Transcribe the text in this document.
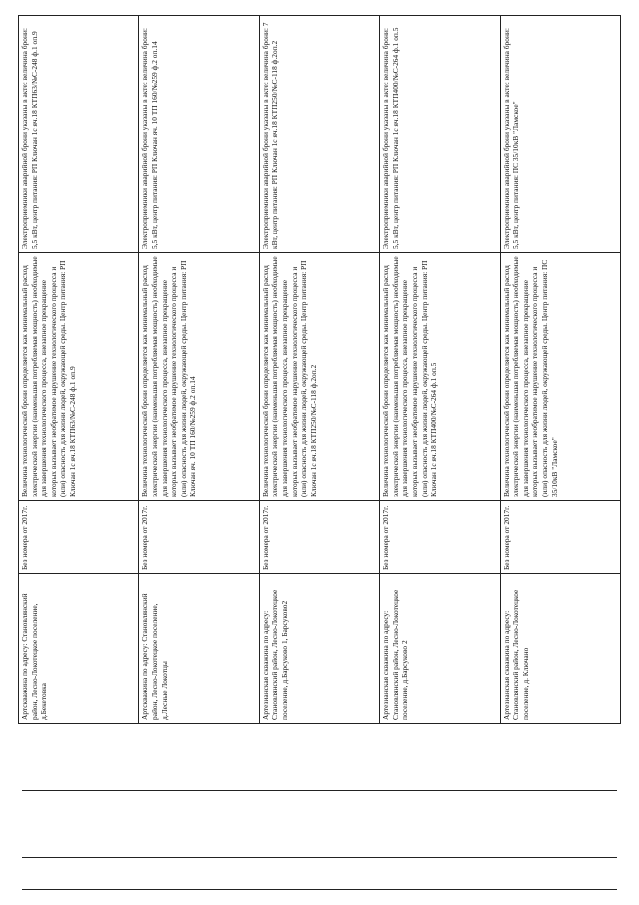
Артскважина по адресу: Становлянский район, Лесно-Локотецкое поселение, д.Бекетовка	Без номера от 2017г.	Величина технологической брони определяется как минимальный расход электрической энергии (наименьшая потребляемая мощность) необходимые для завершения технологического процесса, внезапное прекращение которых вызывает необратимое нарушение технологического процесса и (или) опасность для жизни людей, окружающей среды. Центр питания: РП Ключан 1с яч.18 КТП63/№С-248 ф.1 оп.9	Электроприемники аварийной брони указаны в акте: величина брони: 5,5 кВт, центр питания: РП Ключан 1с яч.18 КТП63/№С-248 ф.1 оп.9
Артскважина по адресу: Становлянский район, Лесно-Локотецкое поселение, д.Лесные Локотцы	Без номера от 2017г.	Величина технологической брони определяется как минимальный расход электрической энергии (наименьшая потребляемая мощность) необходимые для завершения технологического процесса, внезапное прекращение которых вызывает необратимое нарушение технологического процесса и (или) опасность для жизни людей, окружающей среды. Центр питания: РП Ключан яч. 10 ТП 160/№259 ф.2 оп.14	Электроприемники аварийной брони указаны в акте: величина брони: 5,5 кВт, центр питания: РП Ключан яч. 10 ТП 160/№259 ф.2 оп.14
Артезианская скважина по адресу: Становлянский район, Лесно-Локотецкое поселение, д.Барсуково 1, Барсуково2	Без номера от 2017г.	Величина технологической брони определяется как минимальный расход электрической энергии (наименьшая потребляемая мощность) необходимые для завершения технологического процесса, внезапное прекращение которых вызывает необратимое нарушение технологического процесса и (или) опасность для жизни людей, окружающей среды. Центр питания: РП Ключан 1с яч.18 КТП250/№С-118 ф.2оп.2	Электроприемники аварийной брони указаны в акте: величина брони: 7 кВт, центр питания: РП Ключан 1с яч.18 КТП250/№С-118 ф.2оп.2
Артезианская скважина по адресу: Становлянский район, Лесно-Локотецкое поселение, д.Барсуково 2	Без номера от 2017г.	Величина технологической брони определяется как минимальный расход электрической энергии (наименьшая потребляемая мощность) необходимые для завершения технологического процесса, внезапное прекращение которых вызывает необратимое нарушение технологического процесса и (или) опасность для жизни людей, окружающей среды. Центр питания: РП Ключан 1с яч.18 КТП400/№С-264 ф.1 оп.5	Электроприемники аварийной брони указаны в акте: величина брони: 5,5 кВт, центр питания: РП Ключан 1с яч.18 КТП400/№С-264 ф.1 оп.5
Артезианская скважина по адресу: Становлянский район, Лесно-Локотецкое поселение, д. Ключано	Без номера от 2017г.	Величина технологической брони определяется как минимальный расход электрической энергии (наименьшая потребляемая мощность) необходимые для завершения технологического процесса, внезапное прекращение которых вызывает необратимое нарушение технологического процесса и (или) опасность для жизни людей, окружающей среды. Центр питания: ПС 35/10кВ "Ламское"	Электроприемники аварийной брони указаны в акте: величина брони: 5,5 кВт, центр питания: ПС 35/10кВ "Ламское"
